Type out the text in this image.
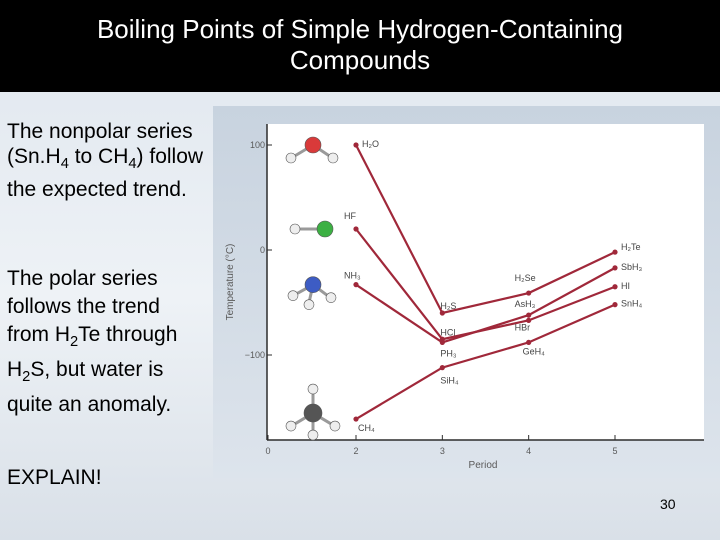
Boiling Points of Simple Hydrogen-Containing
Compounds

The nonpolar series ($Sn.H_4$ to $CH_4$) follow the expected trend.

The polar series follows the trend from $H_2Te$ through $H_2S$, but water is quite an anomaly.
EXPLAIN!
0	2	3	4	5
100
0
−100
Period
Temperature (°C)
H₂O
H₂S
H₂Se
H₂Te
HF
HCl	HBr
HI
NH₃
PH₃
AsH₃
SbH₃
CH₄
SiH₄
GeH₄
SnH₄
30
